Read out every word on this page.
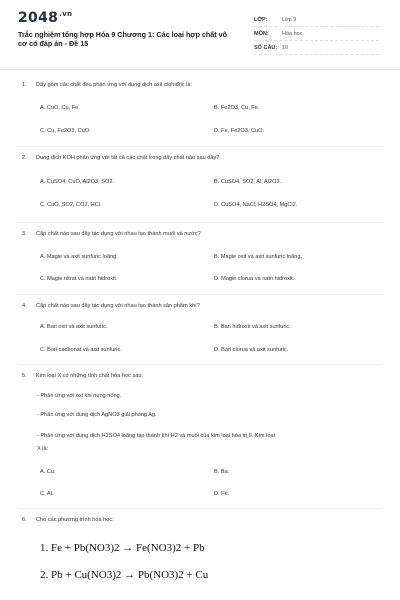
$2048^{.vn}$
Trắc nghiệm tổng hợp Hóa 9 Chương 1: Các loại hợp chất vô cơ có đáp án - Đề 15
LỚP:	Lớp 9
MÔN:	Hóa học
SỐ CÂU: 10
1. Dãy gồm các chất đều phản ứng với dung dịch axit clohiđric là:
A. CuO, Cu, Fe.	B. Fe2O3, Cu, Fe.
C. Cu, Fe2O3, CuO.	D. Fe, Fe2O3, CuO.
2. Dung dịch KOH phản ứng với tất cả các chất trong dãy chất nào sau đây?
A. CuSO4, CuO, Al2O3, SO2.	B. CuSO4, SO2, Al, Al2O3.
C. CuO, SO2, CO2, HCl.	D. CuSO4, NaCl, H2SO4, MgCl2.
3. Cặp chất nào sau đây tác dụng với nhau tạo thành muối và nước?
A. Magie và axit sunfuric loãng.	B. Magie oxit và axit sunfuric loãng.
C. Magie nitrat và natri hiđroxit.	D. Magie clorua và natri hiđroxit.
4. Cặp chất nào sau đây tác dụng với nhau tạo thành sản phẩm khí?
A. Bari oxit và axit sunfuric.	B. Bari hiđroxit và axit sunfuric.
C. Bari cacbonat và axit sunfuric.	D. Bari clorua và axit sunfuric.
5. Kim loại X có những tính chất hóa học sau:
- Phản ứng với oxi khi nung nóng.
- Phản ứng với dung dịch AgNO3 giải phóng Ag.
- Phản ứng với dung dịch H2SO4 loãng tạo thành khí H2 và muối của kim loại hóa trị II. Kim loại
X là:
A. Cu.	B. Ba.
C. Al.	D. Fe.
6. Cho các phương trình hóa học:
1. Fe + Pb(NO3)2 → Fe(NO3)2 + Pb
2. Pb + Cu(NO3)2 → Pb(NO3)2 + Cu
